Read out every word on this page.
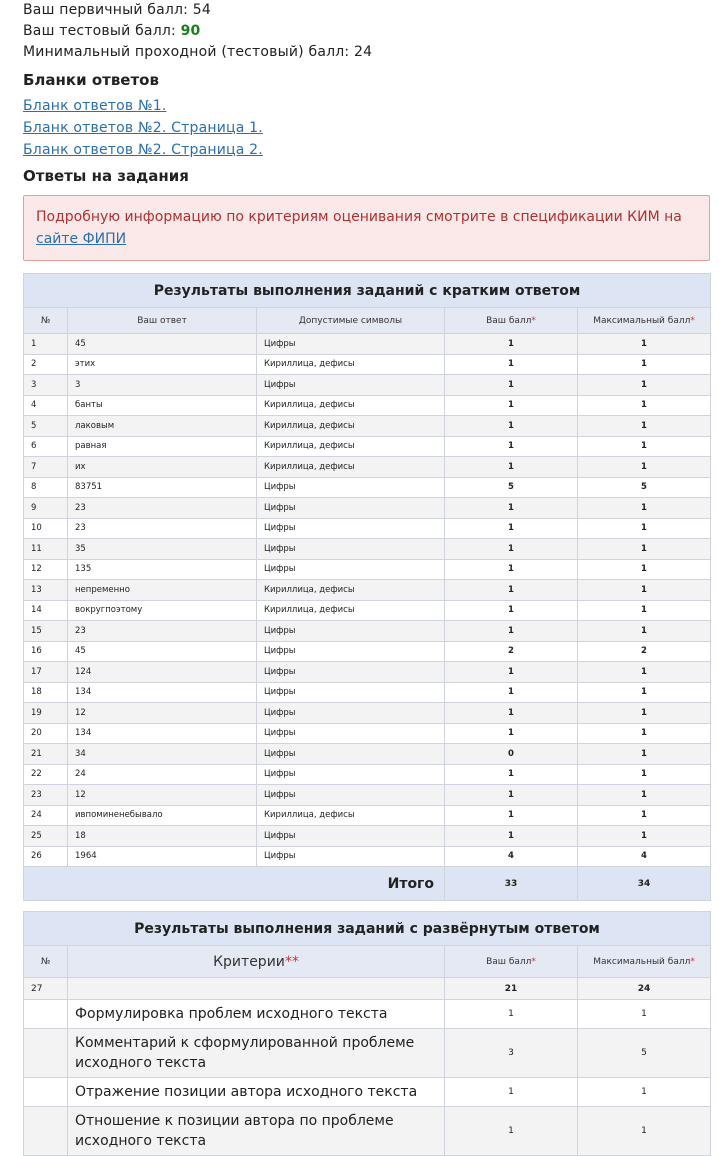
Ваш первичный балл: 54
Ваш тестовый балл: 90
Минимальный проходной (тестовый) балл: 24
Бланки ответов
Бланк ответов №1.
Бланк ответов №2. Страница 1.
Бланк ответов №2. Страница 2.
Ответы на задания
Подробную информацию по критериям оценивания смотрите в спецификации КИМ на сайте ФИПИ
Результаты выполнения заданий с кратким ответом				
№	Ваш ответ	Допустимые символы	Ваш балл*	Максимальный балл*
1	45	Цифры	1	1
2	этих	Кириллица, дефисы	1	1
3	3	Цифры	1	1
4	банты	Кириллица, дефисы	1	1
5	лаковым	Кириллица, дефисы	1	1
6	равная	Кириллица, дефисы	1	1
7	их	Кириллица, дефисы	1	1
8	83751	Цифры	5	5
9	23	Цифры	1	1
10	23	Цифры	1	1
11	35	Цифры	1	1
12	135	Цифры	1	1
13	непременно	Кириллица, дефисы	1	1
14	вокругпоэтому	Кириллица, дефисы	1	1
15	23	Цифры	1	1
16	45	Цифры	2	2
17	124	Цифры	1	1
18	134	Цифры	1	1
19	12	Цифры	1	1
20	134	Цифры	1	1
21	34	Цифры	0	1
22	24	Цифры	1	1
23	12	Цифры	1	1
24	ивпоминенебывало	Кириллица, дефисы	1	1
25	18	Цифры	1	1
26	1964	Цифры	4	4
Итого			33	34
Результаты выполнения заданий с развёрнутым ответом			
№	Критерии**	Ваш балл*	Максимальный балл*
27		21	24
	Формулировка проблем исходного текста	1	1
	Комментарий к сформулированной проблеме исходного текста	3	5
	Отражение позиции автора исходного текста	1	1
	Отношение к позиции автора по проблеме исходного текста	1	1
